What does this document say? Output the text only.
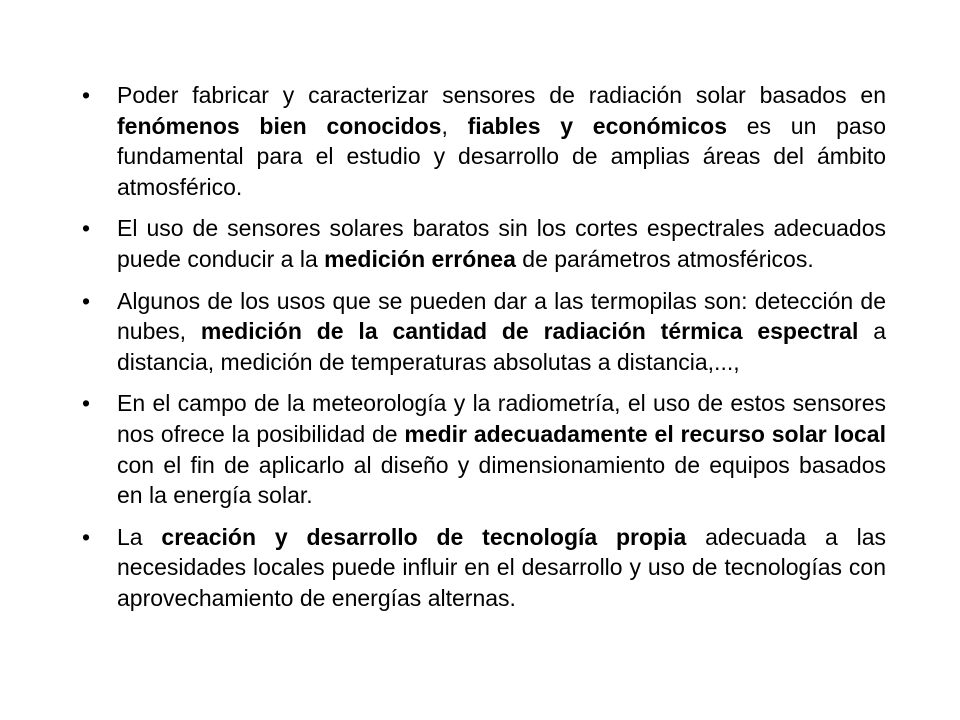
• Poder fabricar y caracterizar sensores de radiación solar basados en fenómenos bien conocidos, fiables y económicos es un paso fundamental para el estudio y desarrollo de amplias áreas del ámbito atmosférico.
• El uso de sensores solares baratos sin los cortes espectrales adecuados puede conducir a la medición errónea de parámetros atmosféricos.
• Algunos de los usos que se pueden dar a las termopilas son: detección de nubes, medición de la cantidad de radiación térmica espectral a distancia, medición de temperaturas absolutas a distancia,...,
• En el campo de la meteorología y la radiometría, el uso de estos sensores nos ofrece la posibilidad de medir adecuadamente el recurso solar local con el fin de aplicarlo al diseño y dimensionamiento de equipos basados en la energía solar.
• La creación y desarrollo de tecnología propia adecuada a las necesidades locales puede influir en el desarrollo y uso de tecnologías con aprovechamiento de energías alternas.
